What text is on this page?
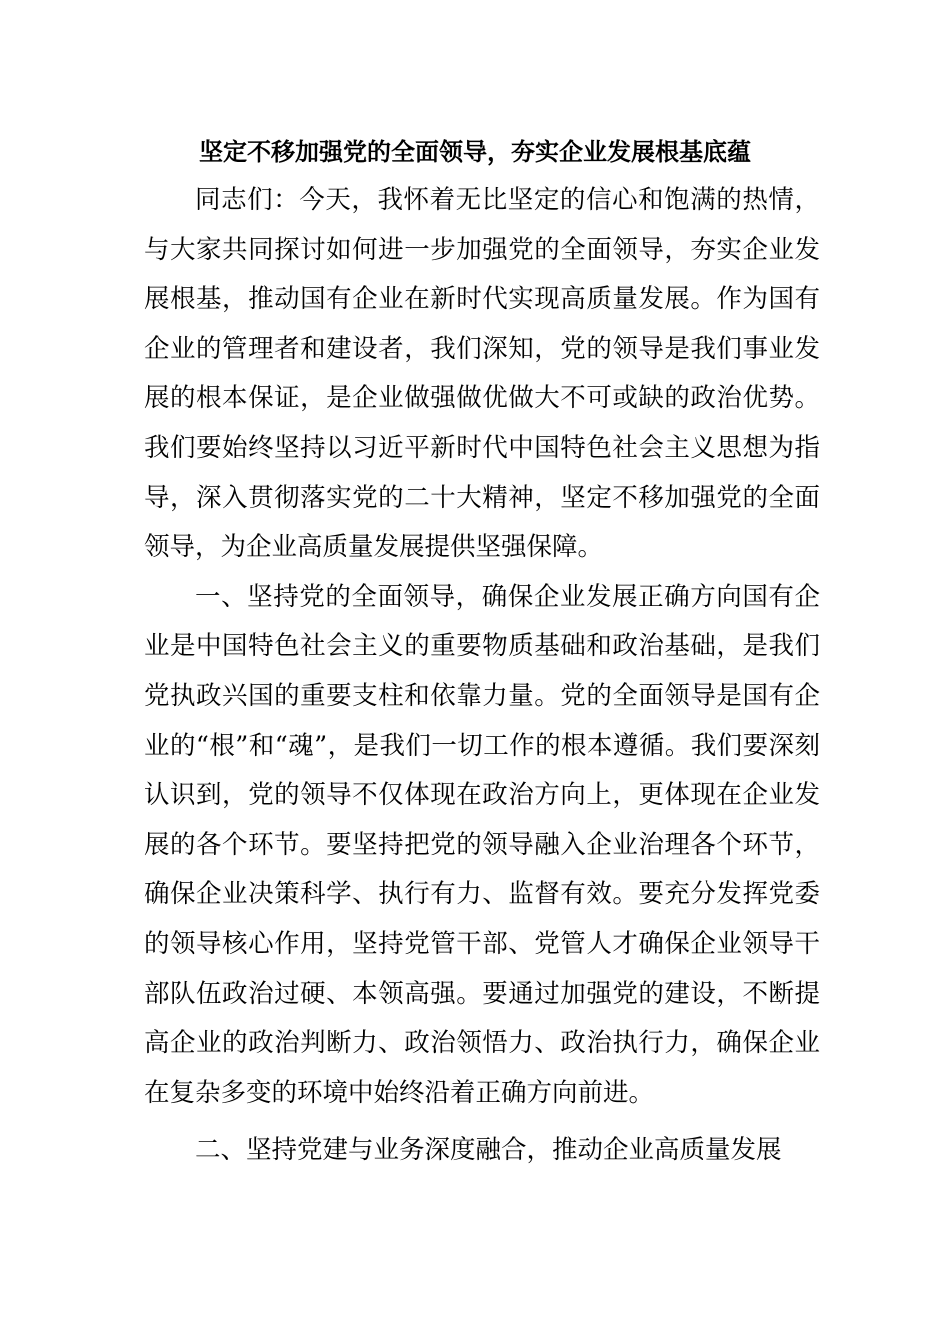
坚定不移加强党的全面领导，夯实企业发展根基底蕴

同志们：今天，我怀着无比坚定的信心和饱满的热情，与大家共同探讨如何进一步加强党的全面领导，夯实企业发展根基，推动国有企业在新时代实现高质量发展。作为国有企业的管理者和建设者，我们深知，党的领导是我们事业发展的根本保证，是企业做强做优做大不可或缺的政治优势。我们要始终坚持以习近平新时代中国特色社会主义思想为指导，深入贯彻落实党的二十大精神，坚定不移加强党的全面领导，为企业高质量发展提供坚强保障。

一、坚持党的全面领导，确保企业发展正确方向国有企业是中国特色社会主义的重要物质基础和政治基础，是我们党执政兴国的重要支柱和依靠力量。党的全面领导是国有企业的“根”和“魂”，是我们一切工作的根本遵循。我们要深刻认识到，党的领导不仅体现在政治方向上，更体现在企业发展的各个环节。要坚持把党的领导融入企业治理各个环节，确保企业决策科学、执行有力、监督有效。要充分发挥党委的领导核心作用，坚持党管干部、党管人才确保企业领导干部队伍政治过硬、本领高强。要通过加强党的建设，不断提高企业的政治判断力、政治领悟力、政治执行力，确保企业在复杂多变的环境中始终沿着正确方向前进。

二、坚持党建与业务深度融合，推动企业高质量发展
